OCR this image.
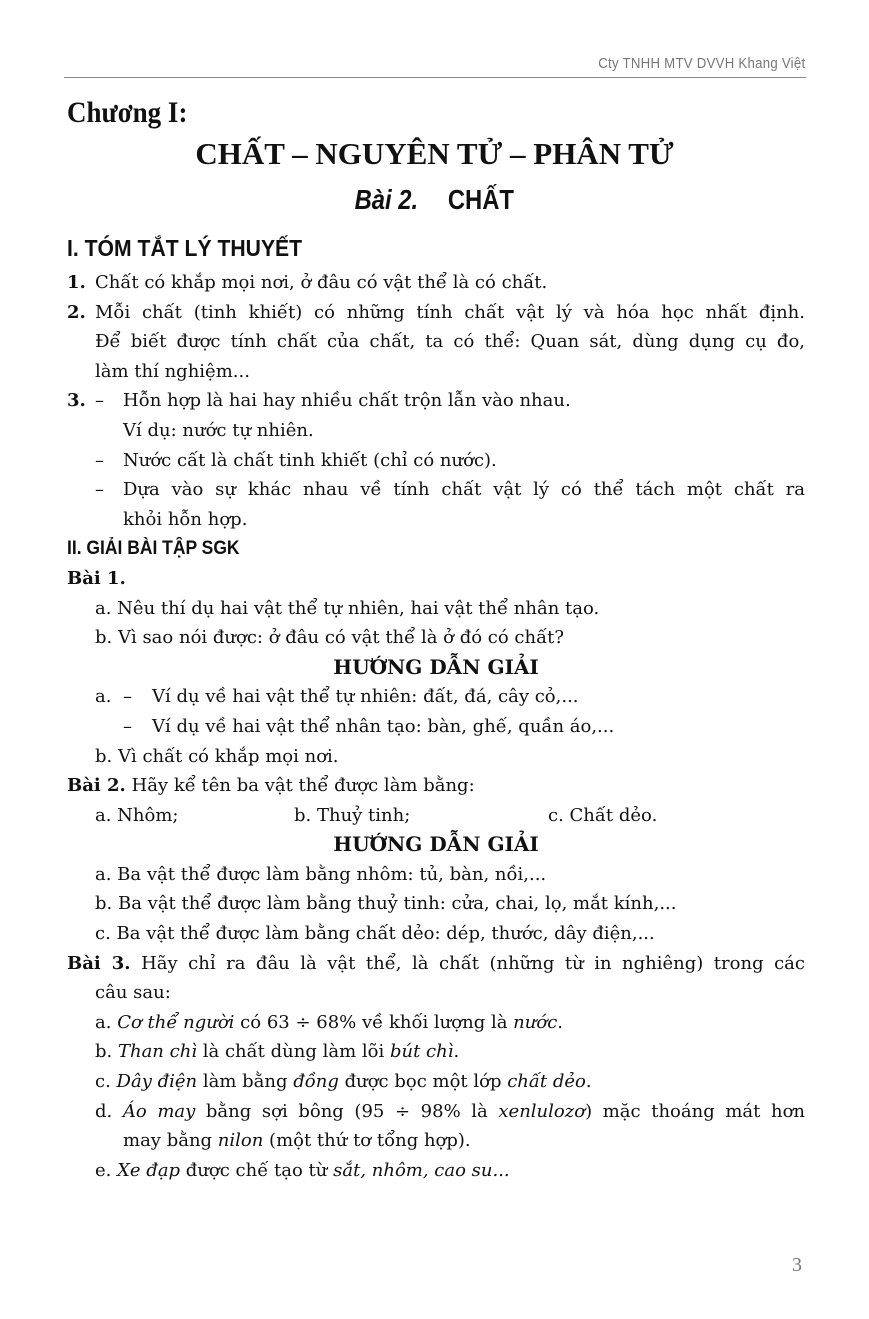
Cty TNHH MTV DVVH Khang Việt
Chương I:
CHẤT – NGUYÊN TỬ – PHÂN TỬ
Bài 2. CHẤT
I. TÓM TẮT LÝ THUYẾT
1. Chất có khắp mọi nơi, ở đâu có vật thể là có chất.
2. Mỗi chất (tinh khiết) có những tính chất vật lý và hóa học nhất định.
Để biết được tính chất của chất, ta có thể: Quan sát, dùng dụng cụ đo,
làm thí nghiệm...
3. – Hỗn hợp là hai hay nhiều chất trộn lẫn vào nhau.
Ví dụ: nước tự nhiên.
– Nước cất là chất tinh khiết (chỉ có nước).
– Dựa vào sự khác nhau về tính chất vật lý có thể tách một chất ra
khỏi hỗn hợp.
II. GIẢI BÀI TẬP SGK
Bài 1.
a. Nêu thí dụ hai vật thể tự nhiên, hai vật thể nhân tạo.
b. Vì sao nói được: ở đâu có vật thể là ở đó có chất?
HƯỚNG DẪN GIẢI
a. – Ví dụ về hai vật thể tự nhiên: đất, đá, cây cỏ,...
– Ví dụ về hai vật thể nhân tạo: bàn, ghế, quần áo,...
b. Vì chất có khắp mọi nơi.
Bài 2. Hãy kể tên ba vật thể được làm bằng:
a. Nhôm;	b. Thuỷ tinh;	c. Chất dẻo.
HƯỚNG DẪN GIẢI
a. Ba vật thể được làm bằng nhôm: tủ, bàn, nồi,...
b. Ba vật thể được làm bằng thuỷ tinh: cửa, chai, lọ, mắt kính,...
c. Ba vật thể được làm bằng chất dẻo: dép, thước, dây điện,...
Bài 3. Hãy chỉ ra đâu là vật thể, là chất (những từ in nghiêng) trong các
câu sau:
a. Cơ thể người có 63 ÷ 68% về khối lượng là nước.
b. Than chì là chất dùng làm lõi bút chì.
c. Dây điện làm bằng đồng được bọc một lớp chất dẻo.
d. Áo may bằng sợi bông (95 ÷ 98% là xenlulozơ) mặc thoáng mát hơn
may bằng nilon (một thứ tơ tổng hợp).
e. Xe đạp được chế tạo từ sắt, nhôm, cao su...
3
